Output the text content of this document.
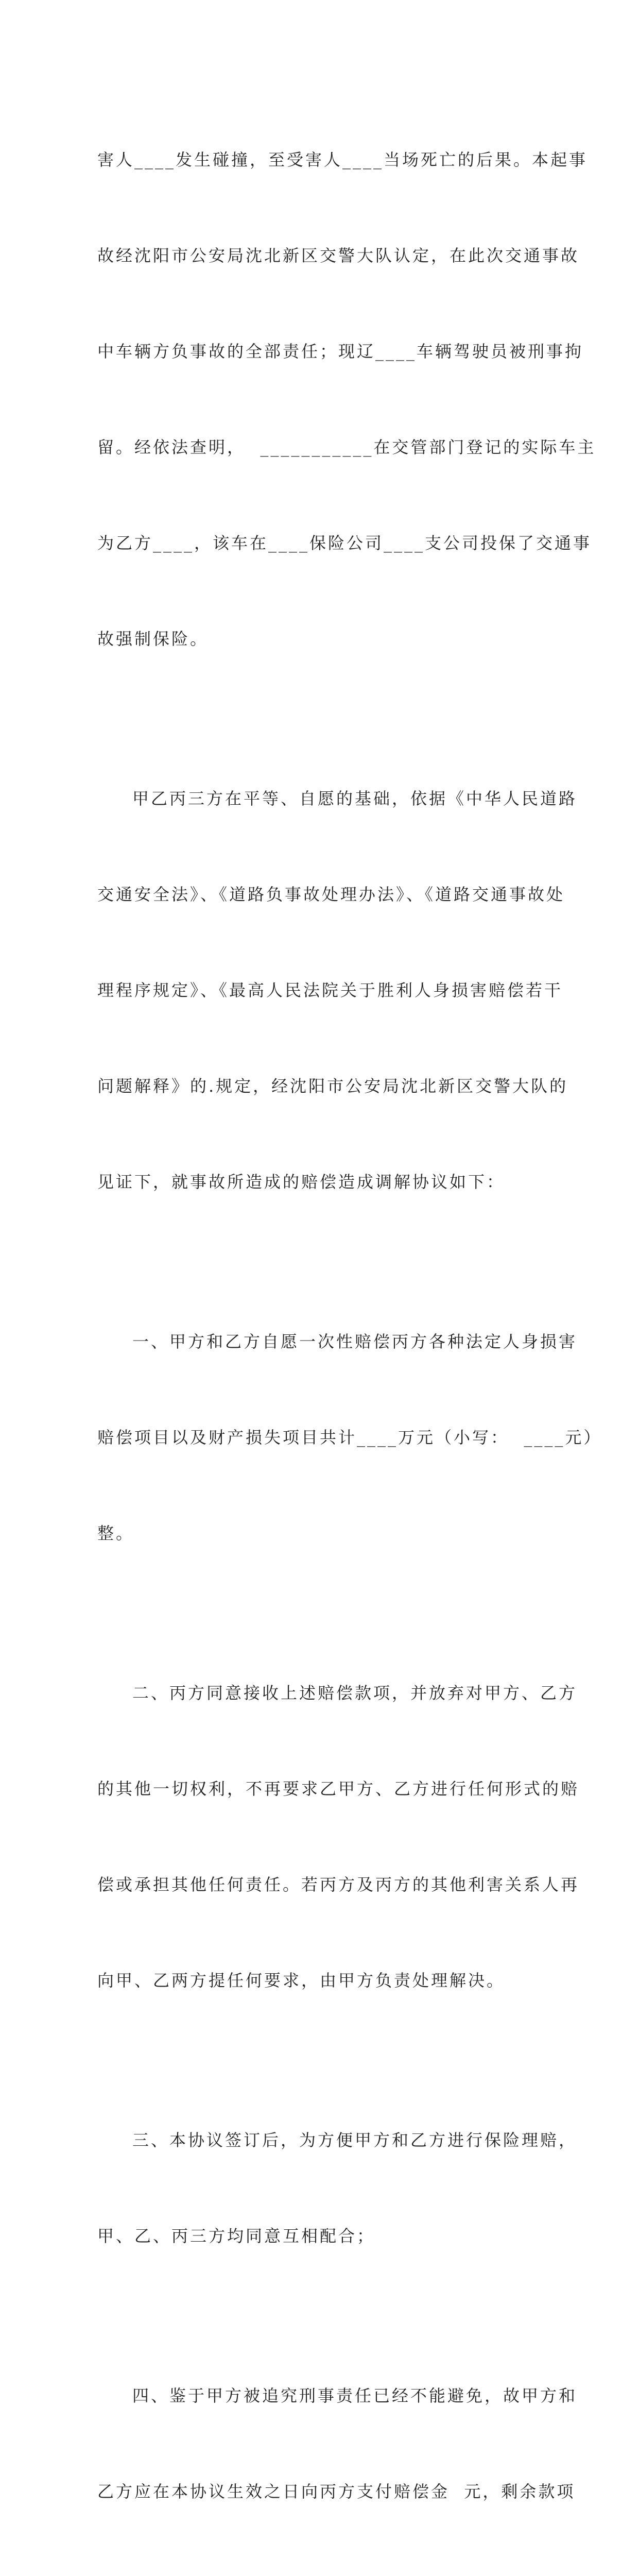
害人____发生碰撞，至受害人____当场死亡的后果。本起事

故经沈阳市公安局沈北新区交警大队认定，在此次交通事故

中车辆方负事故的全部责任；现辽____车辆驾驶员被刑事拘

留。经依法查明，  ___________在交管部门登记的实际车主

为乙方____，该车在____保险公司____支公司投保了交通事

故强制保险。

甲乙丙三方在平等、自愿的基础，依据《中华人民道路

交通安全法》、《道路负事故处理办法》、《道路交通事故处

理程序规定》、《最高人民法院关于胜利人身损害赔偿若干

问题解释》的.规定，经沈阳市公安局沈北新区交警大队的

见证下，就事故所造成的赔偿造成调解协议如下：

一、甲方和乙方自愿一次性赔偿丙方各种法定人身损害

赔偿项目以及财产损失项目共计____万元（小写：  ____元）

整。

二、丙方同意接收上述赔偿款项，并放弃对甲方、乙方

的其他一切权利，不再要求乙甲方、乙方进行任何形式的赔

偿或承担其他任何责任。若丙方及丙方的其他利害关系人再

向甲、乙两方提任何要求，由甲方负责处理解决。

三、本协议签订后，为方便甲方和乙方进行保险理赔，

甲、乙、丙三方均同意互相配合；

四、鉴于甲方被追究刑事责任已经不能避免，故甲方和

乙方应在本协议生效之日向丙方支付赔偿金  元，剩余款项
